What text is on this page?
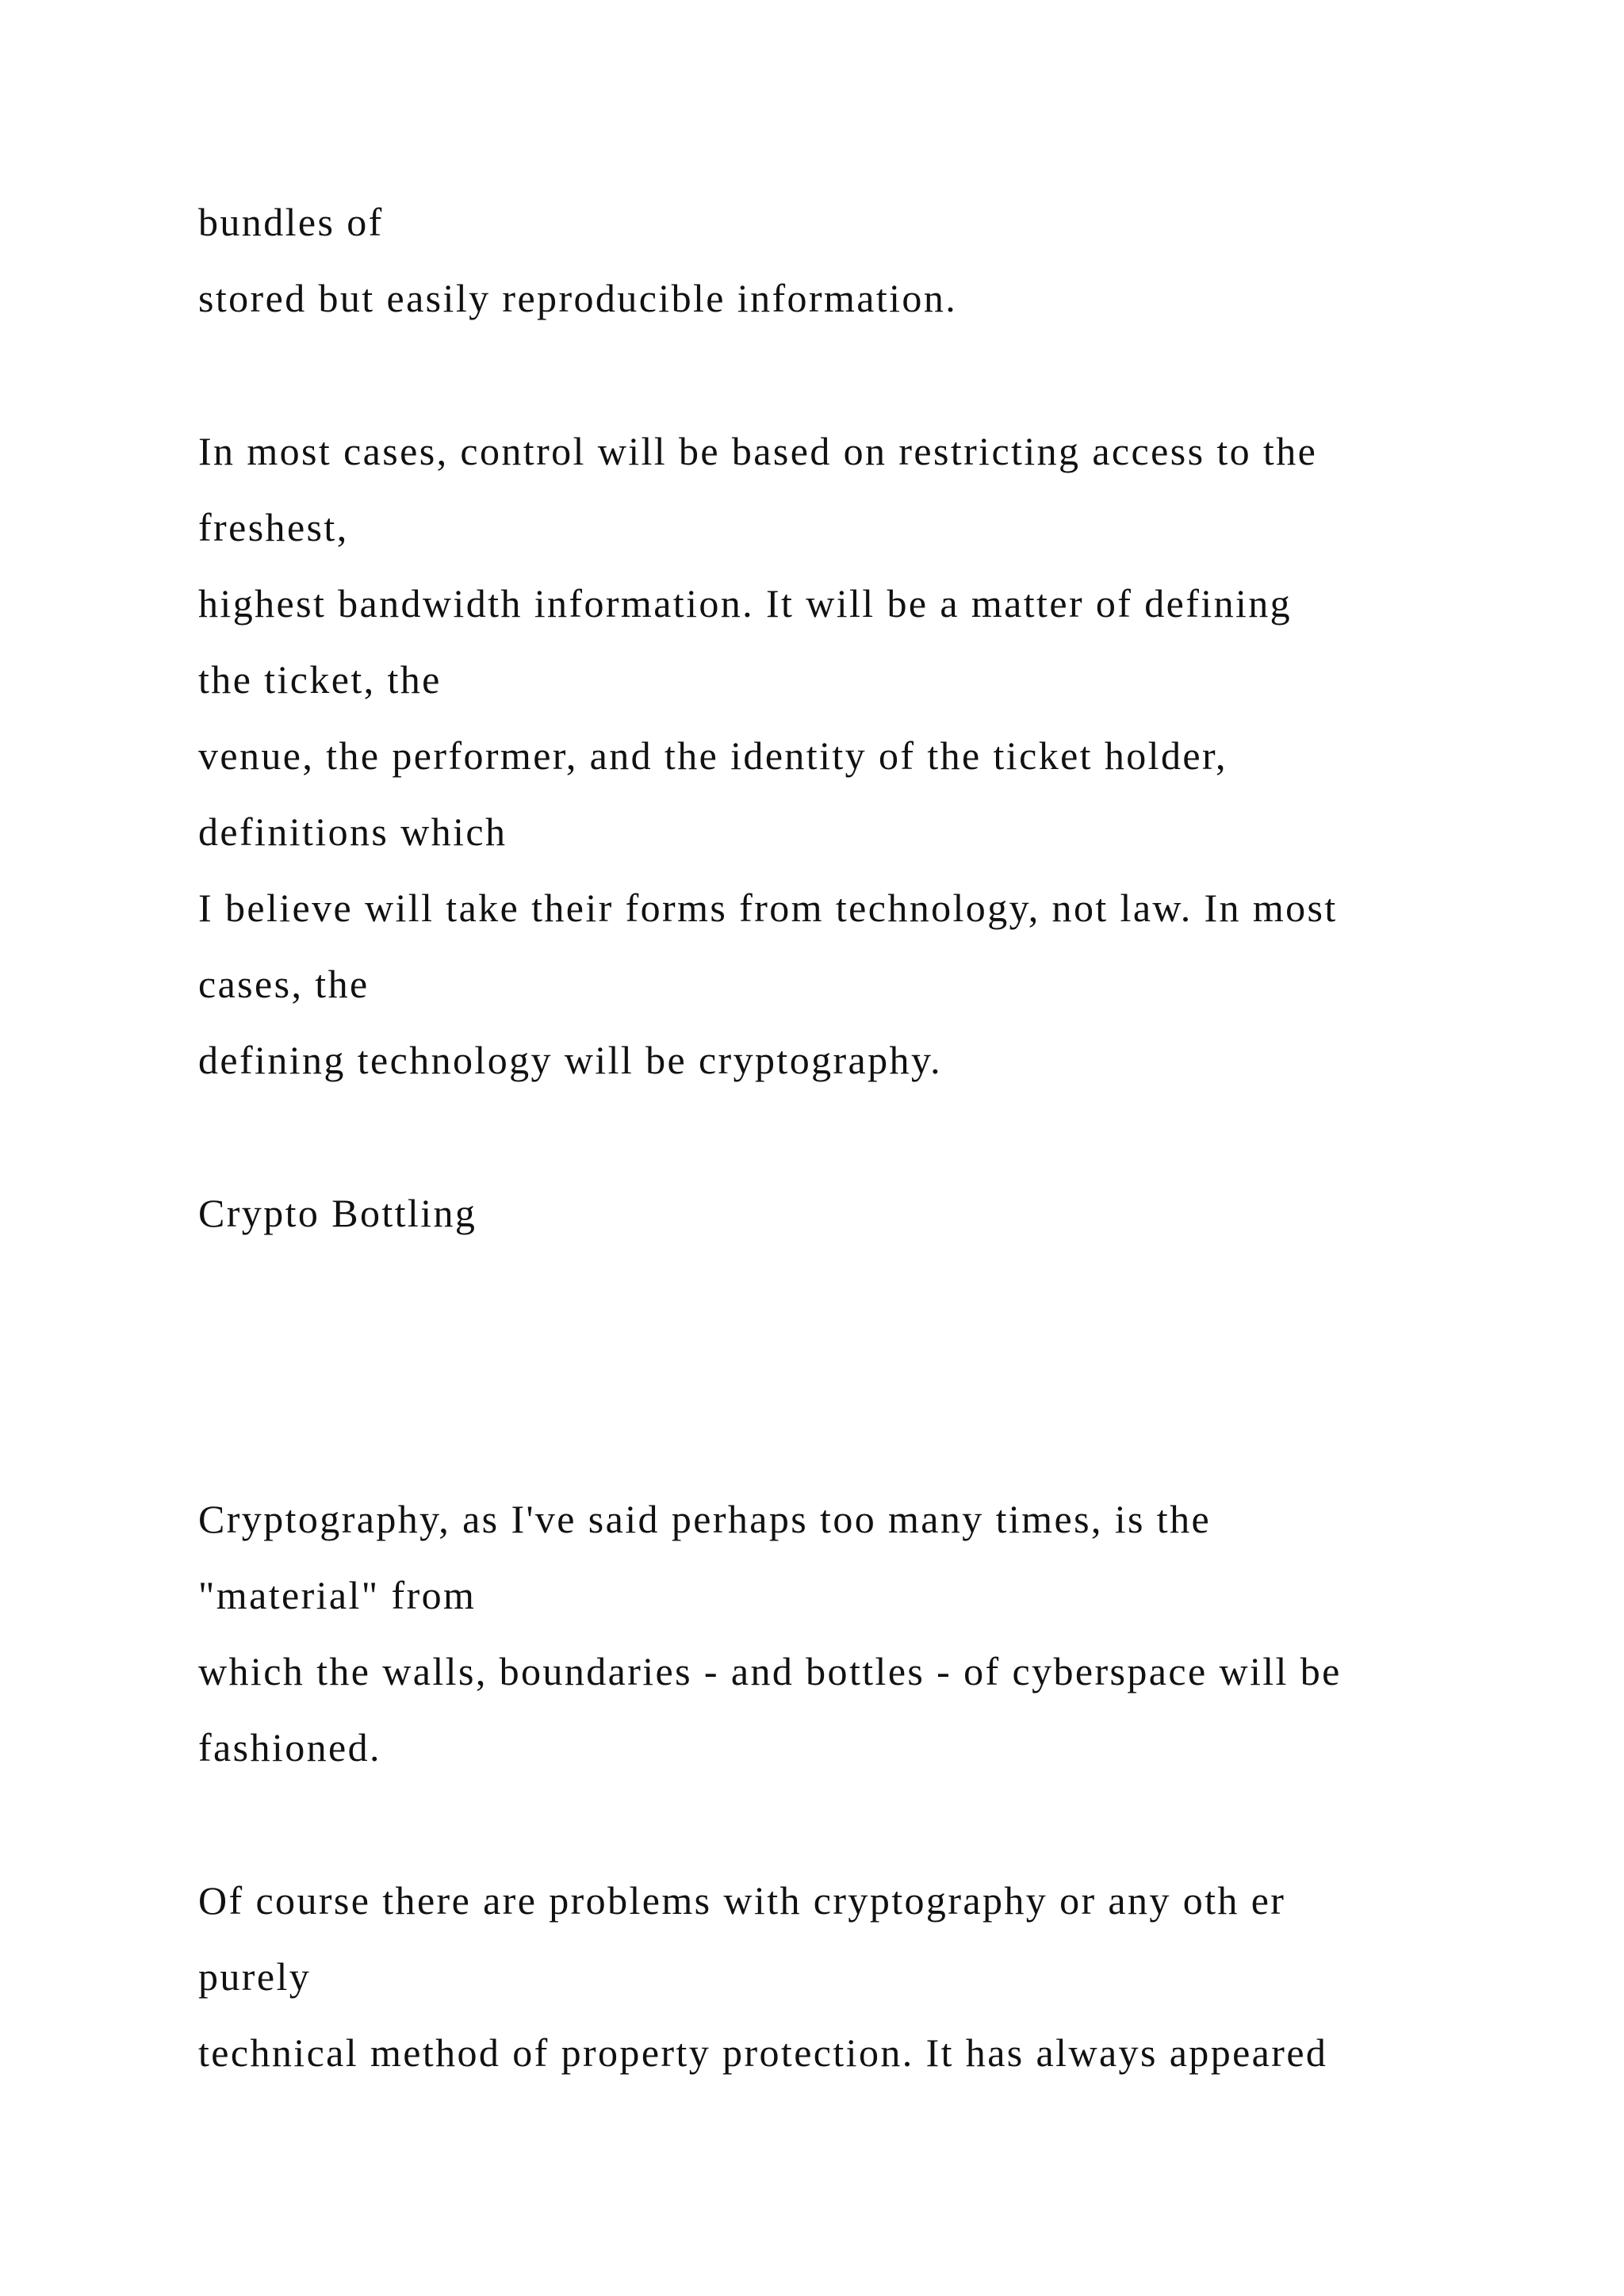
bundles of
stored but easily reproducible information.
In most cases, control will be based on restricting access to the
freshest,
highest bandwidth information. It will be a matter of defining
the ticket, the
venue, the performer, and the identity of the ticket holder,
definitions which
I believe will take their forms from technology, not law. In most
cases, the
defining technology will be cryptography.
Crypto Bottling
Cryptography, as I've said perhaps too many times, is the
"material" from
which the walls, boundaries - and bottles - of cyberspace will be
fashioned.
Of course there are problems with cryptography or any oth er
purely
technical method of property protection. It has always appeared
